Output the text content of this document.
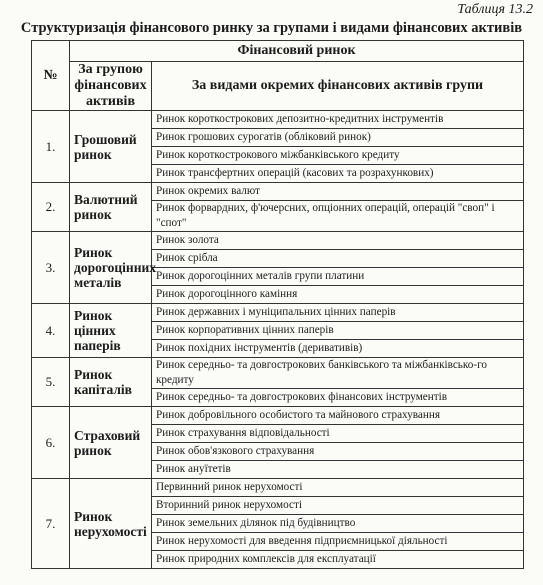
Таблиця 13.2
Структуризація фінансового ринку за групами і видами фінансових активів
№	Фінансовий ринок	
	За групою фінансових активів	За видами окремих фінансових активів групи
1.	Грошовий ринок	Ринок короткострокових депозитно-кредитних інструментів
		Ринок грошових сурогатів (обліковий ринок)
		Ринок короткострокового міжбанківського кредиту
		Ринок трансфертних операцій (касових та розрахункових)
2.	Валютний ринок	Ринок окремих валют
		Ринок форвардних, ф'ючерсних, опціонних операцій, операцій "своп" і "спот"
3.	Ринок дорогоцінних металів	Ринок золота
		Ринок срібла
		Ринок дорогоцінних металів групи платини
		Ринок дорогоцінного каміння
4.	Ринок цінних паперів	Ринок державних і муніципальних цінних паперів
		Ринок корпоративних цінних паперів
		Ринок похідних інструментів (деривативів)
5.	Ринок капіталів	Ринок середньо- та довгострокових банківського та міжбанківсько-го кредиту
		Ринок середньо- та довгострокових фінансових інструментів
6.	Страховий ринок	Ринок добровільного особистого та майнового страхування
		Ринок страхування відповідальності
		Ринок обов'язкового страхування
		Ринок ануїтетів
7.	Ринок нерухомості	Первинний ринок нерухомості
		Вторинний ринок нерухомості
		Ринок земельних ділянок під будівництво
		Ринок нерухомості для введення підприємницької діяльності
		Ринок природних комплексів для експлуатації
